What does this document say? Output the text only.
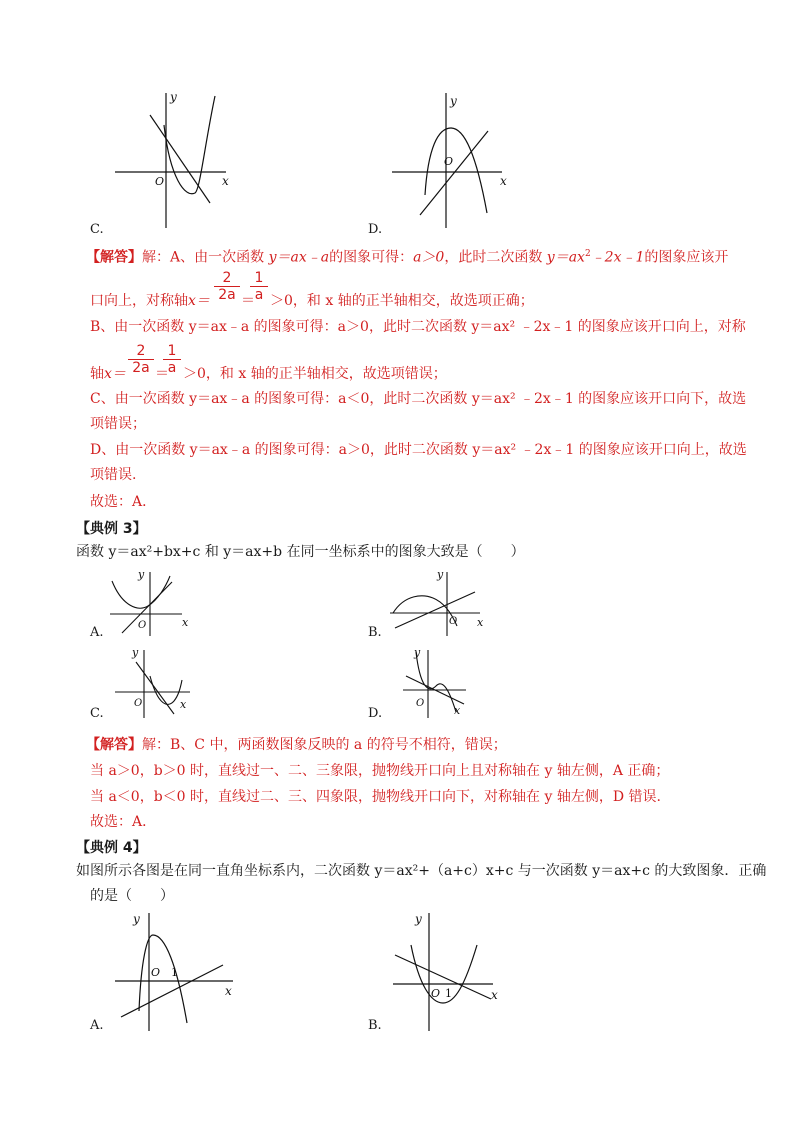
y
x
O
C.
y
x
O
D.
【解答】解：A、由一次函数 y＝ax﹣a的图象可得：a＞0，此时二次函数 $y=ax^2﹣2x﹣1$的图象应该开
口向上，对称轴$x= \frac{2}{2a}$ ＝
$\frac{1}{a} >0$，和 x 轴的正半轴相交，故选项正确；
B、由一次函数 y＝ax﹣a 的图象可得：a＞0，此时二次函数 y＝ax² ﹣2x﹣1 的图象应该开口向上，对称
轴$x= \frac{2}{2a}$ ＝
$\frac{1}{a} >0$，和 x 轴的正半轴相交，故选项错误；
C、由一次函数 y＝ax﹣a 的图象可得：a＜0，此时二次函数 y＝ax² ﹣2x﹣1 的图象应该开口向下，故选
项错误；
D、由一次函数 y＝ax﹣a 的图象可得：a＞0，此时二次函数 y＝ax² ﹣2x﹣1 的图象应该开口向上，故选
项错误.
故选：A．
【典例 3】
函数 y＝ax²+bx+c 和 y＝ax+b 在同一坐标系中的图象大致是（　　）
y
x
O
A.
y
x
O
B.
y
x
O
C.
y
x
O
D.
【解答】解：B、C 中，两函数图象反映的 a 的符号不相符，错误；
当 a＞0，b＞0 时，直线过一、二、三象限，抛物线开口向上且对称轴在 y 轴左侧，A 正确；
当 a＜0，b＜0 时，直线过二、三、四象限，抛物线开口向下，对称轴在 y 轴左侧，D 错误.
故选：A．
【典例 4】
如图所示各图是在同一直角坐标系内，二次函数 y＝ax²+（a+c）x+c 与一次函数 y＝ax+c 的大致图象．正确
的是（　　）
y
x
O 1
A.
y
x
O 1
B.
